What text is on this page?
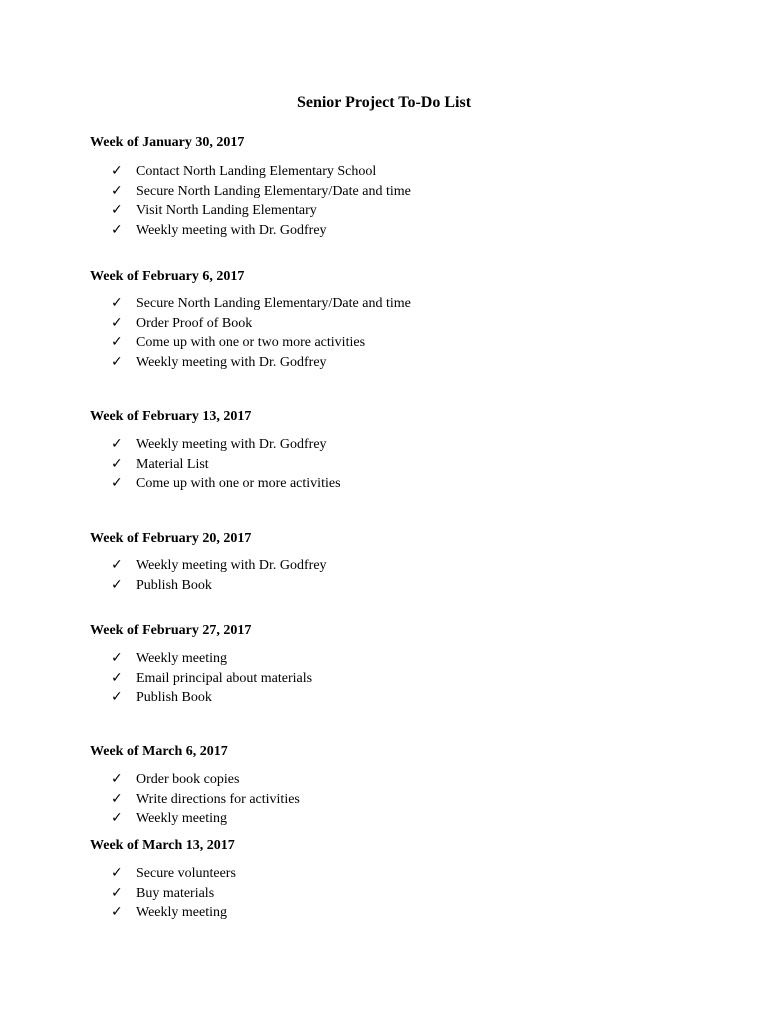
Senior Project To-Do List

Week of January 30, 2017

✓ Contact North Landing Elementary School
✓ Secure North Landing Elementary/Date and time
✓ Visit North Landing Elementary
✓ Weekly meeting with Dr. Godfrey

Week of February 6, 2017

✓ Secure North Landing Elementary/Date and time
✓ Order Proof of Book
✓ Come up with one or two more activities
✓ Weekly meeting with Dr. Godfrey

Week of February 13, 2017

✓ Weekly meeting with Dr. Godfrey
✓ Material List
✓ Come up with one or more activities

Week of February 20, 2017

✓ Weekly meeting with Dr. Godfrey
✓ Publish Book

Week of February 27, 2017

✓ Weekly meeting
✓ Email principal about materials
✓ Publish Book

Week of March 6, 2017

✓ Order book copies
✓ Write directions for activities
✓ Weekly meeting

Week of March 13, 2017

✓ Secure volunteers
✓ Buy materials
✓ Weekly meeting
